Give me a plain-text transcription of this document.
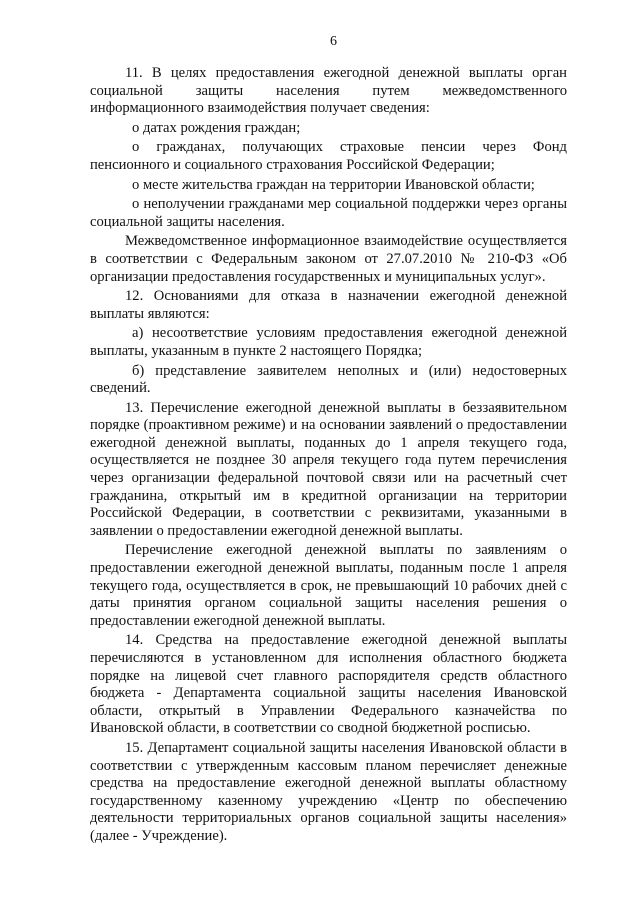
6

11. В целях предоставления ежегодной денежной выплаты орган социальной защиты населения путем межведомственного информационного взаимодействия получает сведения:

о датах рождения граждан;

о гражданах, получающих страховые пенсии через Фонд пенсионного и социального страхования Российской Федерации;

о месте жительства граждан на территории Ивановской области;

о неполучении гражданами мер социальной поддержки через органы социальной защиты населения.

Межведомственное информационное взаимодействие осуществляется в соответствии с Федеральным законом от 27.07.2010 № 210-ФЗ «Об организации предоставления государственных и муниципальных услуг».

12. Основаниями для отказа в назначении ежегодной денежной выплаты являются:

а) несоответствие условиям предоставления ежегодной денежной выплаты, указанным в пункте 2 настоящего Порядка;

б) представление заявителем неполных и (или) недостоверных сведений.

13. Перечисление ежегодной денежной выплаты в беззаявительном порядке (проактивном режиме) и на основании заявлений о предоставлении ежегодной денежной выплаты, поданных до 1 апреля текущего года, осуществляется не позднее 30 апреля текущего года путем перечисления через организации федеральной почтовой связи или на расчетный счет гражданина, открытый им в кредитной организации на территории Российской Федерации, в соответствии с реквизитами, указанными в заявлении о предоставлении ежегодной денежной выплаты.

Перечисление ежегодной денежной выплаты по заявлениям о предоставлении ежегодной денежной выплаты, поданным после 1 апреля текущего года, осуществляется в срок, не превышающий 10 рабочих дней с даты принятия органом социальной защиты населения решения о предоставлении ежегодной денежной выплаты.

14. Средства на предоставление ежегодной денежной выплаты перечисляются в установленном для исполнения областного бюджета порядке на лицевой счет главного распорядителя средств областного бюджета - Департамента социальной защиты населения Ивановской области, открытый в Управлении Федерального казначейства по Ивановской области, в соответствии со сводной бюджетной росписью.

15. Департамент социальной защиты населения Ивановской области в соответствии с утвержденным кассовым планом перечисляет денежные средства на предоставление ежегодной денежной выплаты областному государственному казенному учреждению «Центр по обеспечению деятельности территориальных органов социальной защиты населения» (далее - Учреждение).
